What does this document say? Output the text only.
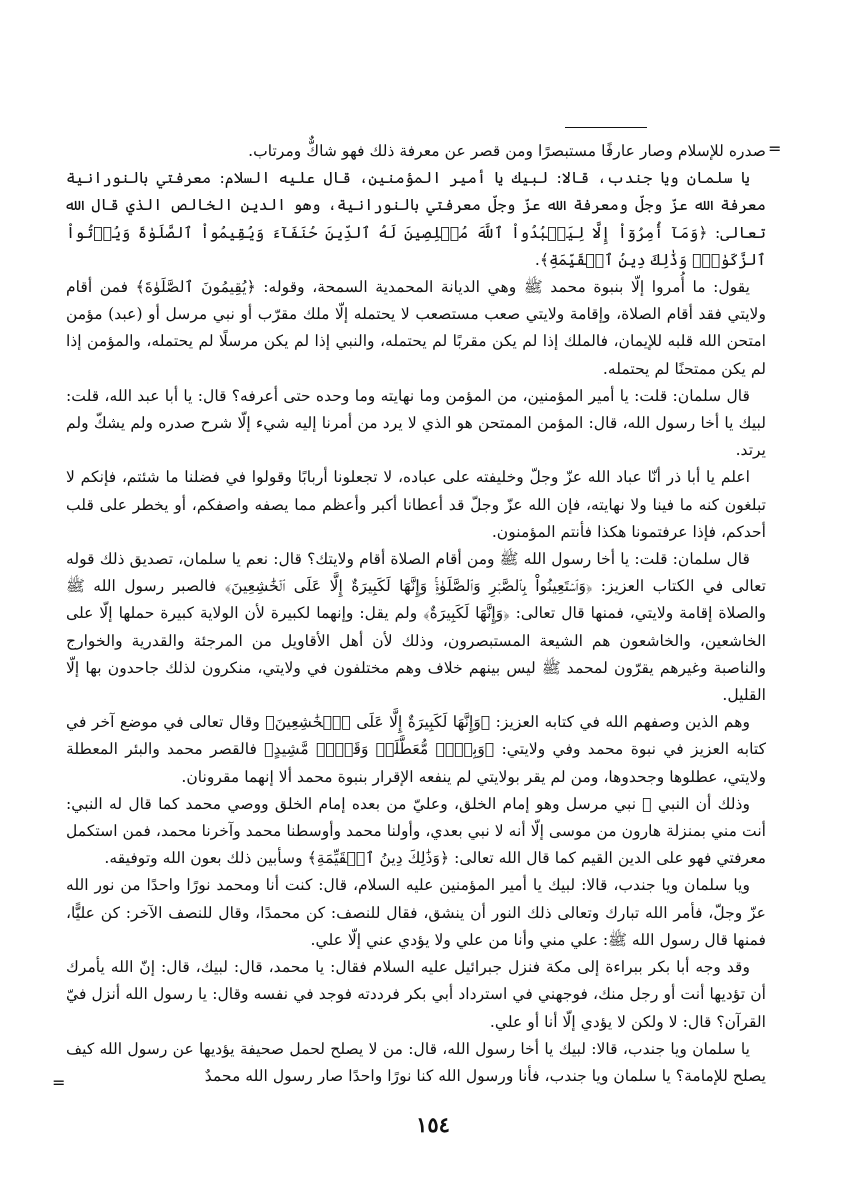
=

صدره للإسلام وصار عارفًا مستبصرًا ومن قصر عن معرفة ذلك فهو شاكٌّ ومرتاب.

يا سلمان ويا جندب، قالا: لبيك يا أمير المؤمنين، قال عليه السلام: معرفتي بالنورانية معرفة الله عزّ وجلّ ومعرفة الله عزّ وجلّ معرفتي بالنورانية، وهو الدين الخالص الذي قال الله تعالى: ﴿وَمَآ أُمِرُوٓاْ إِلَّا لِيَعۡبُدُواْ ٱللَّهَ مُخۡلِصِينَ لَهُ ٱلدِّينَ حُنَفَآءَ وَيُقِيمُواْ ٱلصَّلَوٰةَ وَيُؤۡتُواْ ٱلزَّكَوٰةَۚ وَذَٰلِكَ دِينُ ٱلۡقَيِّمَةِ﴾.

يقول: ما أُمروا إلّا بنبوة محمد ﷺ وهي الديانة المحمدية السمحة، وقوله: ﴿يُقِيمُونَ ٱلصَّلَوٰةَ﴾ فمن أقام ولايتي فقد أقام الصلاة، وإقامة ولايتي صعب مستصعب لا يحتمله إلّا ملك مقرّب أو نبي مرسل أو (عبد) مؤمن امتحن الله قلبه للإيمان، فالملك إذا لم يكن مقربًا لم يحتمله، والنبي إذا لم يكن مرسلًا لم يحتمله، والمؤمن إذا لم يكن ممتحنًا لم يحتمله.

قال سلمان: قلت: يا أمير المؤمنين، من المؤمن وما نهايته وما وحده حتى أعرفه؟ قال: يا أبا عبد الله، قلت: لبيك يا أخا رسول الله، قال: المؤمن الممتحن هو الذي لا يرد من أمرنا إليه شيء إلّا شرح صدره ولم يشكّ ولم يرتد.

اعلم يا أبا ذر أنّا عباد الله عزّ وجلّ وخليفته على عباده، لا تجعلونا أربابًا وقولوا في فضلنا ما شئتم، فإنكم لا تبلغون كنه ما فينا ولا نهايته، فإن الله عزّ وجلّ قد أعطانا أكبر وأعظم مما يصفه واصفكم، أو يخطر على قلب أحدكم، فإذا عرفتمونا هكذا فأنتم المؤمنون.

قال سلمان: قلت: يا أخا رسول الله ﷺ ومن أقام الصلاة أقام ولايتك؟ قال: نعم يا سلمان، تصديق ذلك قوله تعالى في الكتاب العزيز: ﴿وَٱسۡتَعِينُواْ بِٱلصَّبۡرِ وَٱلصَّلَوٰةِۚ وَإِنَّهَا لَكَبِيرَةٌ إِلَّا عَلَى ٱلۡخَٰشِعِينَ﴾ فالصبر رسول الله ﷺ والصلاة إقامة ولايتي، فمنها قال تعالى: ﴿وَإِنَّهَا لَكَبِيرَةٌ﴾ ولم يقل: وإنهما لكبيرة لأن الولاية كبيرة حملها إلّا على الخاشعين، والخاشعون هم الشيعة المستبصرون، وذلك لأن أهل الأقاويل من المرجئة والقدرية والخوارج والناصبة وغيرهم يقرّون لمحمد ﷺ ليس بينهم خلاف وهم مختلفون في ولايتي، منكرون لذلك جاحدون بها إلّا القليل.

وهم الذين وصفهم الله في كتابه العزيز: ﴿وَإِنَّهَا لَكَبِيرَةٌ إِلَّا عَلَى ٱلۡخَٰشِعِينَ﴾ وقال تعالى في موضع آخر في كتابه العزيز في نبوة محمد وفي ولايتي: ﴿وَبِئۡرٖ مُّعَطَّلَةٖ وَقَصۡرٖ مَّشِيدٍ﴾ فالقصر محمد والبئر المعطلة ولايتي، عطلوها وجحدوها، ومن لم يقر بولايتي لم ينفعه الإقرار بنبوة محمد ألا إنهما مقرونان.

وذلك أن النبي ﷺ نبي مرسل وهو إمام الخلق، وعليّ من بعده إمام الخلق ووصي محمد كما قال له النبي: أنت مني بمنزلة هارون من موسى إلّا أنه لا نبي بعدي، وأولنا محمد وأوسطنا محمد وآخرنا محمد، فمن استكمل معرفتي فهو على الدين القيم كما قال الله تعالى: ﴿وَذَٰلِكَ دِينُ ٱلۡقَيِّمَةِ﴾ وسأبين ذلك بعون الله وتوفيقه.

ويا سلمان ويا جندب، قالا: لبيك يا أمير المؤمنين عليه السلام، قال: كنت أنا ومحمد نورًا واحدًا من نور الله عزّ وجلّ، فأمر الله تبارك وتعالى ذلك النور أن ينشق، فقال للنصف: كن محمدًا، وقال للنصف الآخر: كن عليًّا، فمنها قال رسول الله ﷺ: علي مني وأنا من علي ولا يؤدي عني إلّا علي.

وقد وجه أبا بكر ببراءة إلى مكة فنزل جبرائيل عليه السلام فقال: يا محمد، قال: لبيك، قال: إنّ الله يأمرك أن تؤديها أنت أو رجل منك، فوجهني في استرداد أبي بكر فرددته فوجد في نفسه وقال: يا رسول الله أنزل فيّ القرآن؟ قال: لا ولكن لا يؤدي إلّا أنا أو علي.

يا سلمان ويا جندب، قالا: لبيك يا أخا رسول الله، قال: من لا يصلح لحمل صحيفة يؤديها عن رسول الله كيف يصلح للإمامة؟ يا سلمان ويا جندب، فأنا ورسول الله كنا نورًا واحدًا صار رسول الله محمدٌ

=
١٥٤
